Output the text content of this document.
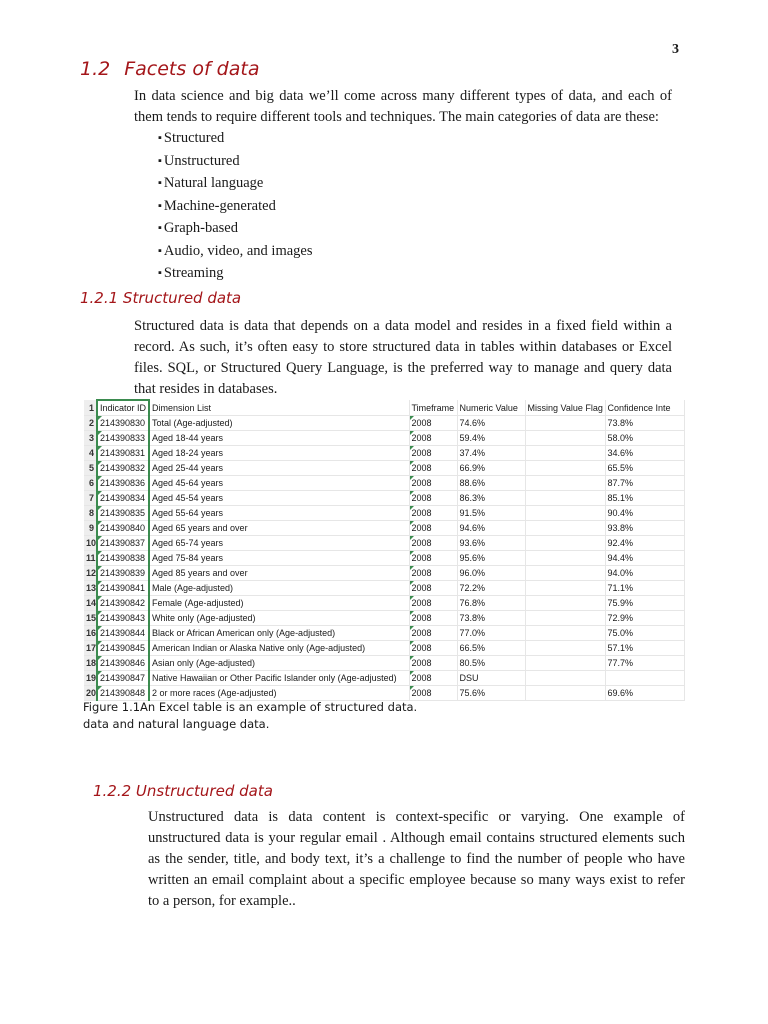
3
1.2 Facets of data
In data science and big data we’ll come across many different types of data, and each of them tends to require different tools and techniques. The main categories of data are these:
▪ Structured
▪ Unstructured
▪ Natural language
▪ Machine-generated
▪ Graph-based
▪ Audio, video, and images
▪ Streaming
1.2.1 Structured data
Structured data is data that depends on a data model and resides in a fixed field within a record. As such, it’s often easy to store structured data in tables within databases or Excel files. SQL, or Structured Query Language, is the preferred way to manage and query data that resides in databases.
1	Indicator ID	Dimension List	Timeframe	Numeric Value	Missing Value Flag	Confidence Inte
2	214390830	Total (Age-adjusted)	2008	74.6%		73.8%
3	214390833	Aged 18-44 years	2008	59.4%		58.0%
4	214390831	Aged 18-24 years	2008	37.4%		34.6%
5	214390832	Aged 25-44 years	2008	66.9%		65.5%
6	214390836	Aged 45-64 years	2008	88.6%		87.7%
7	214390834	Aged 45-54 years	2008	86.3%		85.1%
8	214390835	Aged 55-64 years	2008	91.5%		90.4%
9	214390840	Aged 65 years and over	2008	94.6%		93.8%
10	214390837	Aged 65-74 years	2008	93.6%		92.4%
11	214390838	Aged 75-84 years	2008	95.6%		94.4%
12	214390839	Aged 85 years and over	2008	96.0%		94.0%
13	214390841	Male (Age-adjusted)	2008	72.2%		71.1%
14	214390842	Female (Age-adjusted)	2008	76.8%		75.9%
15	214390843	White only (Age-adjusted)	2008	73.8%		72.9%
16	214390844	Black or African American only (Age-adjusted)	2008	77.0%		75.0%
17	214390845	American Indian or Alaska Native only (Age-adjusted)	2008	66.5%		57.1%
18	214390846	Asian only (Age-adjusted)	2008	80.5%		77.7%
19	214390847	Native Hawaiian or Other Pacific Islander only (Age-adjusted)	2008	DSU		
20	214390848	2 or more races (Age-adjusted)	2008	75.6%		69.6%
Figure 1.1An Excel table is an example of structured data.
data and natural language data.
1.2.2 Unstructured data
Unstructured data is data content is context-specific or varying. One example of unstructured data is your regular email . Although email contains structured elements such as the sender, title, and body text, it’s a challenge to find the number of people who have written an email complaint about a specific employee because so many ways exist to refer to a person, for example..
